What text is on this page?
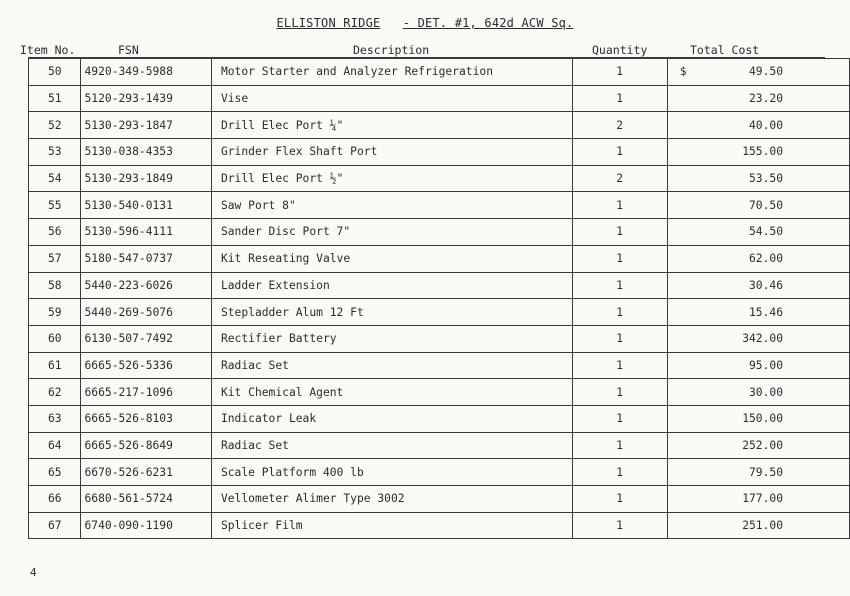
ELLISTON RIDGE - DET. #1, 642d ACW Sq.
Item No.	FSN	Description	Quantity	Total Cost
50	4920-349-5988	Motor Starter and Analyzer Refrigeration	1	$ 49.50
51	5120-293-1439	Vise	1	23.20
52	5130-293-1847	Drill Elec Port ¼"	2	40.00
53	5130-038-4353	Grinder Flex Shaft Port	1	155.00
54	5130-293-1849	Drill Elec Port ½"	2	53.50
55	5130-540-0131	Saw Port 8"	1	70.50
56	5130-596-4111	Sander Disc Port 7"	1	54.50
57	5180-547-0737	Kit Reseating Valve	1	62.00
58	5440-223-6026	Ladder Extension	1	30.46
59	5440-269-5076	Stepladder Alum 12 Ft	1	15.46
60	6130-507-7492	Rectifier Battery	1	342.00
61	6665-526-5336	Radiac Set	1	95.00
62	6665-217-1096	Kit Chemical Agent	1	30.00
63	6665-526-8103	Indicator Leak	1	150.00
64	6665-526-8649	Radiac Set	1	252.00
65	6670-526-6231	Scale Platform 400 lb	1	79.50
66	6680-561-5724	Vellometer Alimer Type 3002	1	177.00
67	6740-090-1190	Splicer Film	1	251.00
4
